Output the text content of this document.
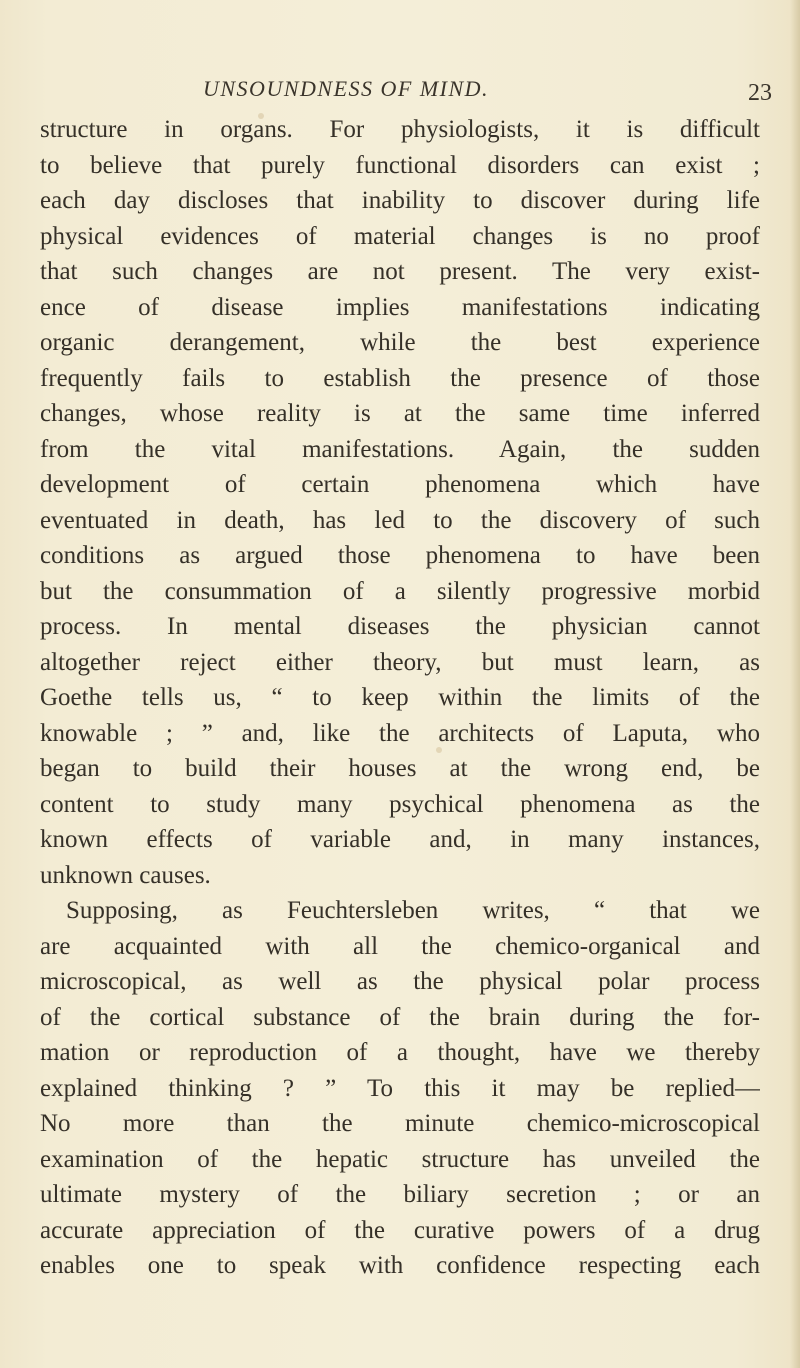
UNSOUNDNESS OF MIND.	23
structure in organs. For physiologists, it is difficult
to believe that purely functional disorders can exist ;
each day discloses that inability to discover during life
physical evidences of material changes is no proof
that such changes are not present. The very exist-
ence of disease implies manifestations indicating
organic derangement, while the best experience
frequently fails to establish the presence of those
changes, whose reality is at the same time inferred
from the vital manifestations. Again, the sudden
development of certain phenomena which have
eventuated in death, has led to the discovery of such
conditions as argued those phenomena to have been
but the consummation of a silently progressive morbid
process. In mental diseases the physician cannot
altogether reject either theory, but must learn, as
Goethe tells us, “ to keep within the limits of the
knowable ; ” and, like the architects of Laputa, who
began to build their houses at the wrong end, be
content to study many psychical phenomena as the
known effects of variable and, in many instances,
unknown causes.
Supposing, as Feuchtersleben writes, “ that we
are acquainted with all the chemico-organical and
microscopical, as well as the physical polar process
of the cortical substance of the brain during the for-
mation or reproduction of a thought, have we thereby
explained thinking ? ” To this it may be replied—
No more than the minute chemico-microscopical
examination of the hepatic structure has unveiled the
ultimate mystery of the biliary secretion ; or an
accurate appreciation of the curative powers of a drug
enables one to speak with confidence respecting each
